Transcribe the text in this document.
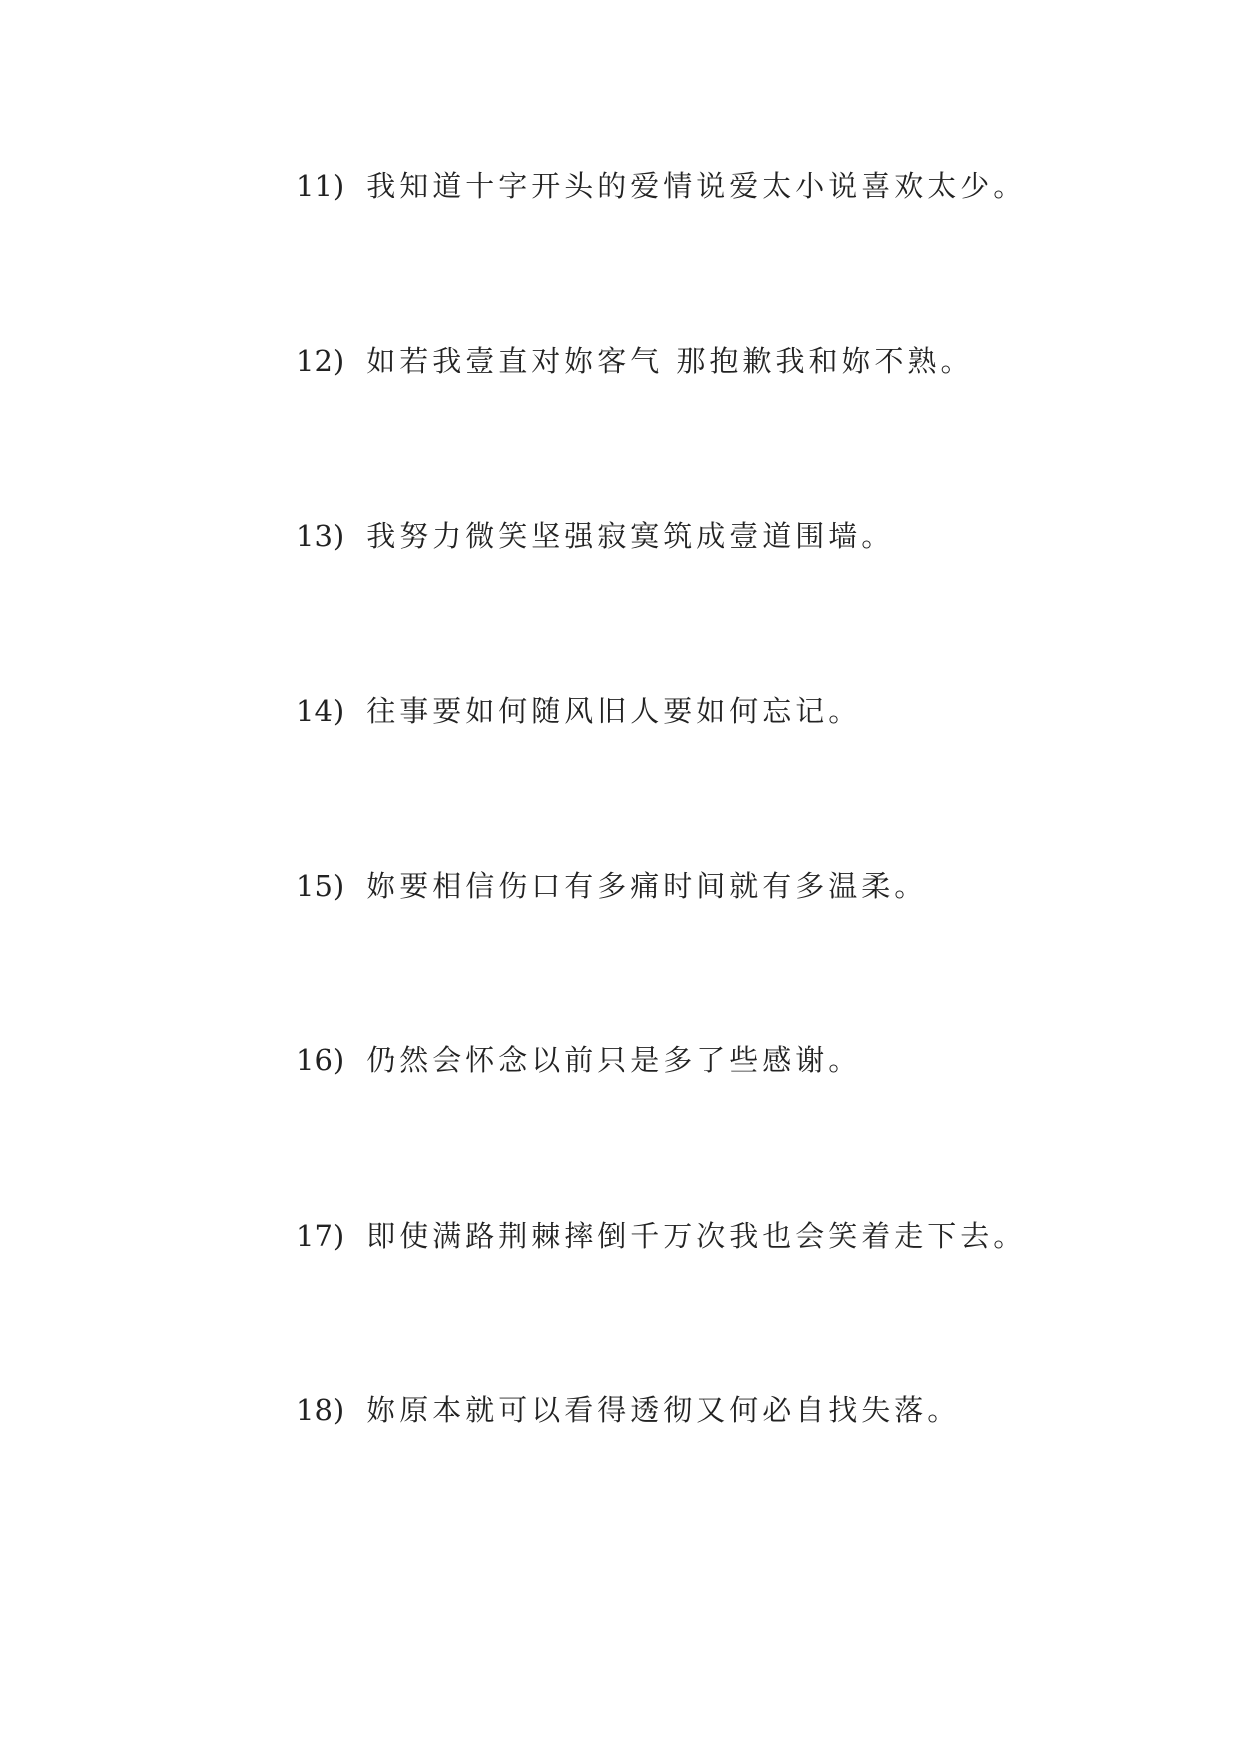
11) 我知道十字开头的爱情说爱太小说喜欢太少。
12) 如若我壹直对妳客气 那抱歉我和妳不熟。
13) 我努力微笑坚强寂寞筑成壹道围墙。
14) 往事要如何随风旧人要如何忘记。
15) 妳要相信伤口有多痛时间就有多温柔。
16) 仍然会怀念以前只是多了些感谢。
17) 即使满路荆棘摔倒千万次我也会笑着走下去。
18) 妳原本就可以看得透彻又何必自找失落。
